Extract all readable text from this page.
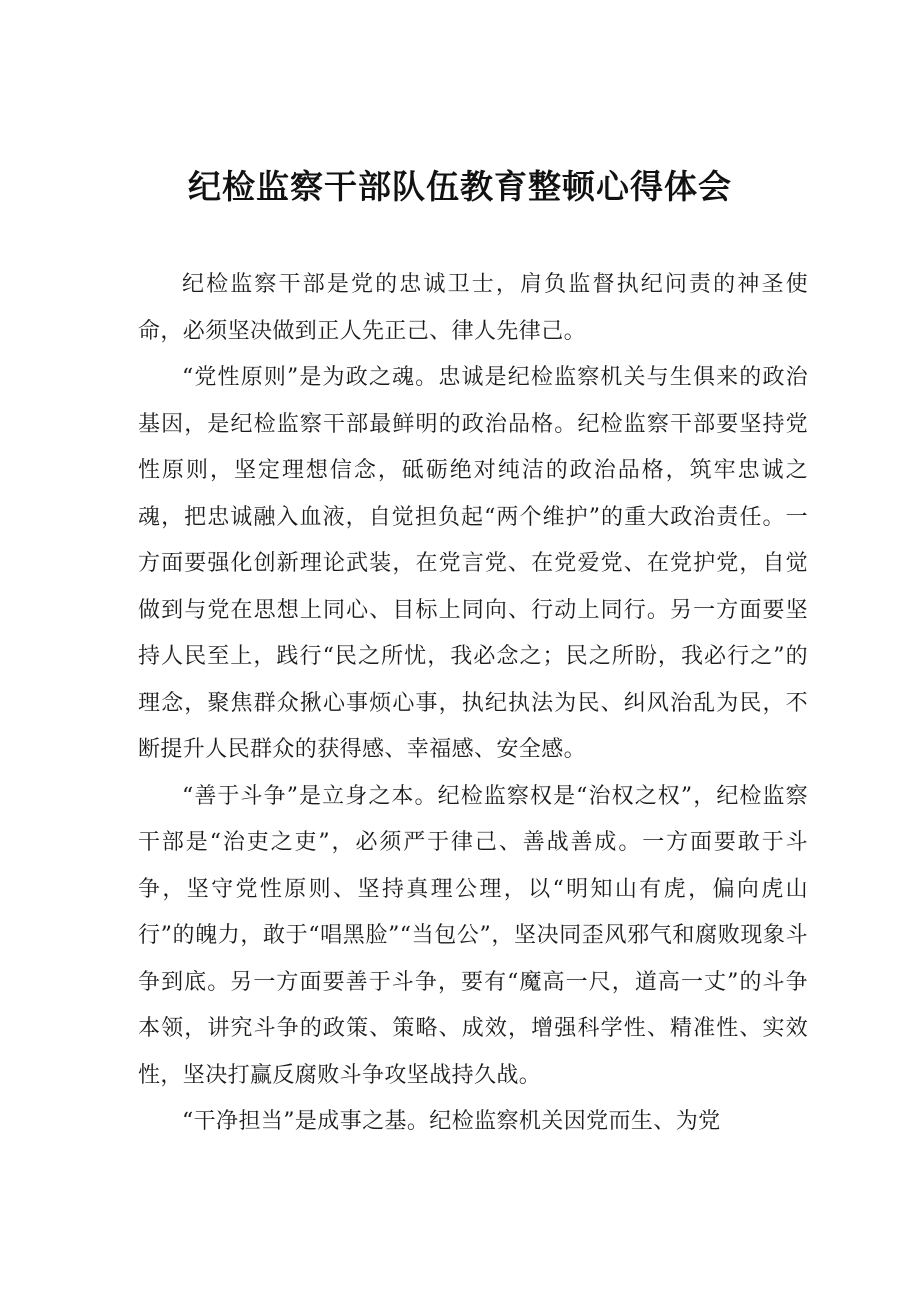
纪检监察干部队伍教育整顿心得体会

纪检监察干部是党的忠诚卫士，肩负监督执纪问责的神圣使命，必须坚决做到正人先正己、律人先律己。

“党性原则”是为政之魂。忠诚是纪检监察机关与生俱来的政治基因，是纪检监察干部最鲜明的政治品格。纪检监察干部要坚持党性原则，坚定理想信念，砥砺绝对纯洁的政治品格，筑牢忠诚之魂，把忠诚融入血液，自觉担负起“两个维护”的重大政治责任。一方面要强化创新理论武装，在党言党、在党爱党、在党护党，自觉做到与党在思想上同心、目标上同向、行动上同行。另一方面要坚持人民至上，践行“民之所忧，我必念之；民之所盼，我必行之”的理念，聚焦群众揪心事烦心事，执纪执法为民、纠风治乱为民，不断提升人民群众的获得感、幸福感、安全感。

“善于斗争”是立身之本。纪检监察权是“治权之权”，纪检监察干部是“治吏之吏”，必须严于律己、善战善成。一方面要敢于斗争，坚守党性原则、坚持真理公理，以“明知山有虎，偏向虎山行”的魄力，敢于“唱黑脸”“当包公”，坚决同歪风邪气和腐败现象斗争到底。另一方面要善于斗争，要有“魔高一尺，道高一丈”的斗争本领，讲究斗争的政策、策略、成效，增强科学性、精准性、实效性，坚决打赢反腐败斗争攻坚战持久战。

“干净担当”是成事之基。纪检监察机关因党而生、为党
